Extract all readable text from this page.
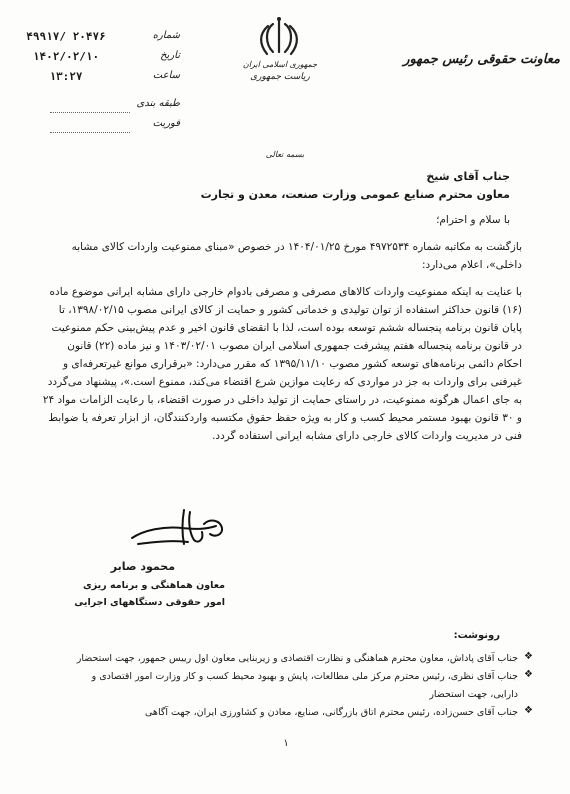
۴۹۹۱۷/ ۲۰۴۷۶	شماره
۱۴۰۲/۰۲/۱۰	تاریخ
۱۳:۲۷	ساعت
طبقه بندی
فوریت
جمهوری اسلامی ایران
ریاست جمهوری
معاونت حقوقی رئیس جمهور
بسمه تعالی
جناب آقای شیخ
معاون محترم صنایع عمومی وزارت صنعت، معدن و تجارت
با سلام و احترام؛
بازگشت به مکاتبه شماره ۴۹۷۲۵۳۴ مورخ ۱۴۰۴/۰۱/۲۵ در خصوص «مبنای ممنوعیت واردات کالای مشابه
داخلی»، اعلام می‌دارد:
با عنایت به اینکه ممنوعیت واردات کالاهای مصرفی و مصرفی بادوام خارجی دارای مشابه ایرانی موضوع ماده
(۱۶) قانون حداکثر استفاده از توان تولیدی و خدماتی کشور و حمایت از کالای ایرانی مصوب ۱۳۹۸/۰۲/۱۵، تا
پایان قانون برنامه پنجساله ششم توسعه بوده است، لذا با انقضای قانون اخیر و عدم پیش‌بینی حکم ممنوعیت
در قانون برنامه پنجساله هفتم پیشرفت جمهوری اسلامی ایران مصوب ۱۴۰۳/۰۲/۰۱ و نیز ماده (۲۲) قانون
احکام دائمی برنامه‌های توسعه کشور مصوب ۱۳۹۵/۱۱/۱۰ که مقرر می‌دارد: «برقراری موانع غیرتعرفه‌ای و
غیرفنی برای واردات به جز در مواردی که رعایت موازین شرع اقتضاء می‌کند، ممنوع است.»، پیشنهاد می‌گردد
به جای اعمال هرگونه ممنوعیت، در راستای حمایت از تولید داخلی در صورت اقتضاء، با رعایت الزامات مواد ۲۴
و ۳۰ قانون بهبود مستمر محیط کسب و کار به ویژه حفظ حقوق مکتسبه واردکنندگان، از ابزار تعرفه یا ضوابط
فنی در مدیریت واردات کالای خارجی دارای مشابه ایرانی استفاده گردد.
محمود صابر
معاون هماهنگی و برنامه ریزی
امور حقوقی دستگاههای اجرایی
رونوشت:
❖
جناب آقای پاداش، معاون محترم هماهنگی و نظارت اقتصادی و زیربنایی معاون اول رییس جمهور، جهت استحضار
❖
جناب آقای نظری، رئیس محترم مرکز ملی مطالعات، پایش و بهبود محیط کسب و کار وزارت امور اقتصادی و
دارایی، جهت استحضار
❖
جناب آقای حسن‌زاده، رئیس محترم اتاق بازرگانی، صنایع، معادن و کشاورزی ایران، جهت آگاهی
۱
